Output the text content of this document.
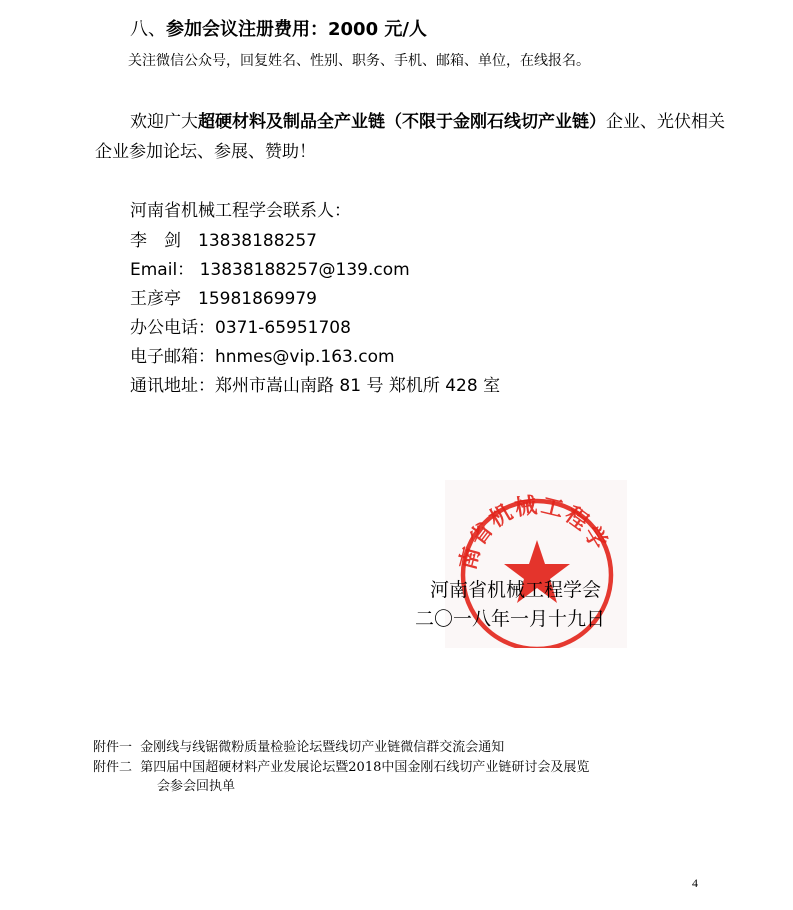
八、参加会议注册费用：2000 元/人
关注微信公众号，回复姓名、性别、职务、手机、邮箱、单位，在线报名。
欢迎广大超硬材料及制品全产业链（不限于金刚石线切产业链）企业、光伏相关企业参加论坛、参展、赞助！
河南省机械工程学会联系人：
李　剑　13838188257
Email： 13838188257@139.com
王彦亭　15981869979
办公电话：0371-65951708
电子邮箱：hnmes@vip.163.com
通讯地址：郑州市嵩山南路 81 号 郑机所 428 室
南省机械工程学
河南省机械工程学会
二〇一八年一月十九日
附件一 金刚线与线锯微粉质量检验论坛暨线切产业链微信群交流会通知
附件二 第四届中国超硬材料产业发展论坛暨2018中国金刚石线切产业链研讨会及展览
会参会回执单
4
